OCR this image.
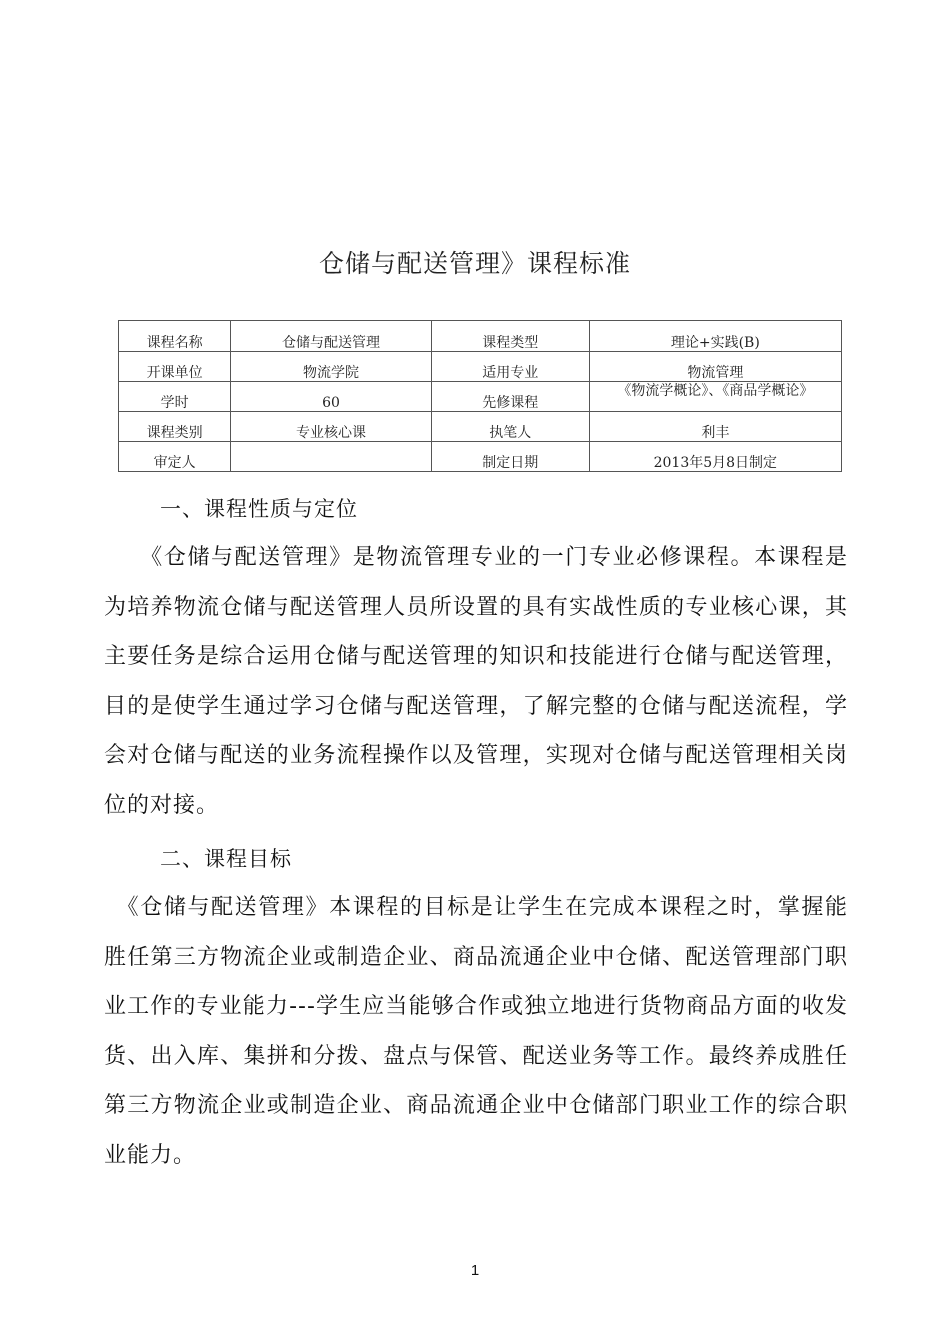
仓储与配送管理》课程标准
课程名称	仓储与配送管理	课程类型	理论+实践(B)
开课单位	物流学院	适用专业	物流管理
学时	60	先修课程	《物流学概论》、《商品学概论》

课程类别	专业核心课	执笔人	利丰
审定人		制定日期	2013年5月8日制定
一、课程性质与定位

　　《仓储与配送管理》是物流管理专业的一门专业必修课程。本课程是为培养物流仓储与配送管理人员所设置的具有实战性质的专业核心课，其主要任务是综合运用仓储与配送管理的知识和技能进行仓储与配送管理，目的是使学生通过学习仓储与配送管理，了解完整的仓储与配送流程，学会对仓储与配送的业务流程操作以及管理，实现对仓储与配送管理相关岗位的对接。

二、课程目标

　《仓储与配送管理》本课程的目标是让学生在完成本课程之时，掌握能胜任第三方物流企业或制造企业、商品流通企业中仓储、配送管理部门职业工作的专业能力---学生应当能够合作或独立地进行货物商品方面的收发货、出入库、集拼和分拨、盘点与保管、配送业务等工作。最终养成胜任第三方物流企业或制造企业、商品流通企业中仓储部门职业工作的综合职业能力。

1
